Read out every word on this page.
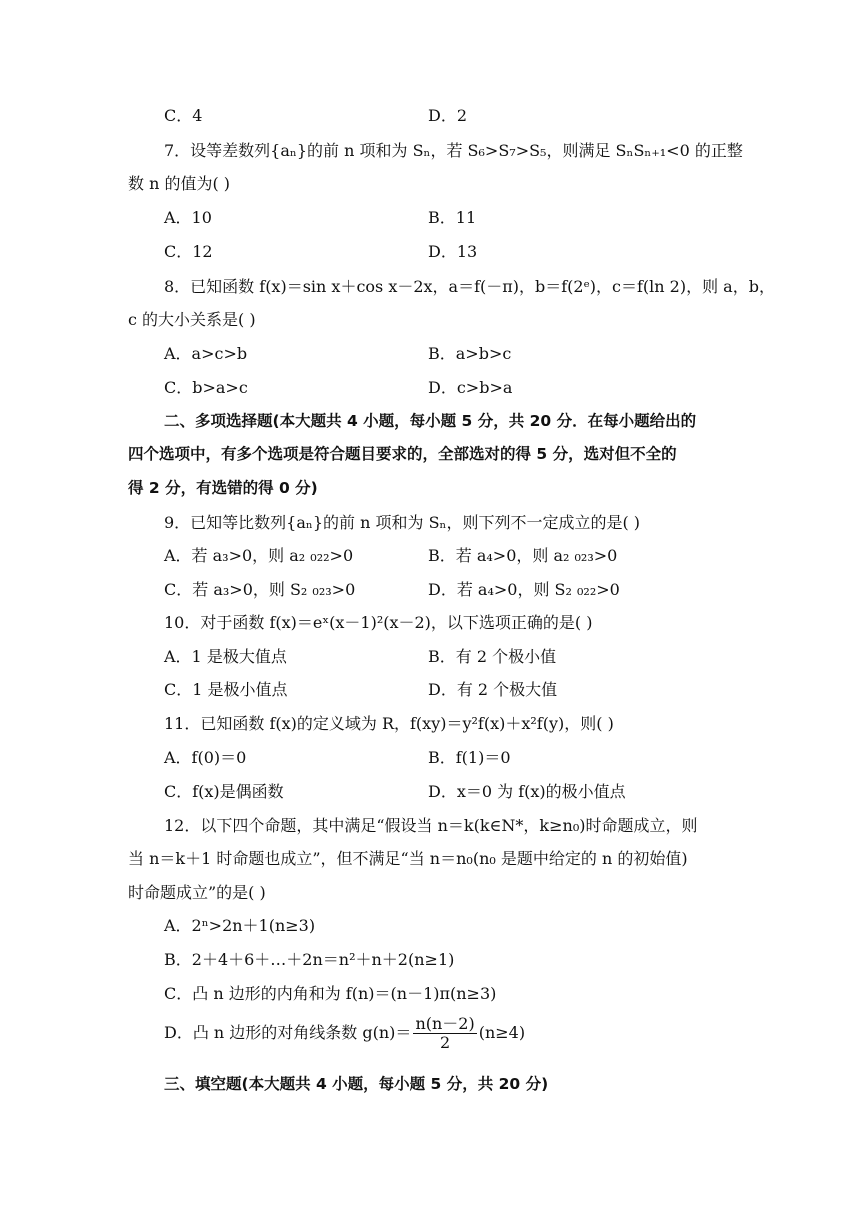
C．4	D．2
7．设等差数列{aₙ}的前 n 项和为 Sₙ，若 S₆>S₇>S₅，则满足 SₙSₙ₊₁<0 的正整
数 n 的值为( )
A．10	B．11
C．12	D．13
8．已知函数 f(x)＝sin x＋cos x－2x，a＝f(－π)，b＝f(2ᵉ)，c＝f(ln 2)，则 a，b，
c 的大小关系是( )
A．a>c>b	B．a>b>c
C．b>a>c	D．c>b>a
二、多项选择题(本大题共 4 小题，每小题 5 分，共 20 分．在每小题给出的
四个选项中，有多个选项是符合题目要求的，全部选对的得 5 分，选对但不全的
得 2 分，有选错的得 0 分)
9．已知等比数列{aₙ}的前 n 项和为 Sₙ，则下列不一定成立的是( )
A．若 a₃>0，则 a₂ ₀₂₂>0	B．若 a₄>0，则 a₂ ₀₂₃>0
C．若 a₃>0，则 S₂ ₀₂₃>0	D．若 a₄>0，则 S₂ ₀₂₂>0
10．对于函数 f(x)＝eˣ(x－1)²(x－2)，以下选项正确的是( )
A．1 是极大值点	B．有 2 个极小值
C．1 是极小值点	D．有 2 个极大值
11．已知函数 f(x)的定义域为 R，f(xy)＝y²f(x)＋x²f(y)，则( )
A．f(0)＝0	B．f(1)＝0
C．f(x)是偶函数	D．x＝0 为 f(x)的极小值点
12．以下四个命题，其中满足“假设当 n＝k(k∈N*，k≥n₀)时命题成立，则
当 n＝k＋1 时命题也成立”，但不满足“当 n＝n₀(n₀ 是题中给定的 n 的初始值)
时命题成立”的是( )
A．2ⁿ>2n＋1(n≥3)
B．2＋4＋6＋…＋2n＝n²＋n＋2(n≥1)
C．凸 n 边形的内角和为 f(n)＝(n－1)π(n≥3)
D．凸 n 边形的对角线条数 $g(n)= \frac{n(n-2)}{2} (n\ge 4)$
三、填空题(本大题共 4 小题，每小题 5 分，共 20 分)
